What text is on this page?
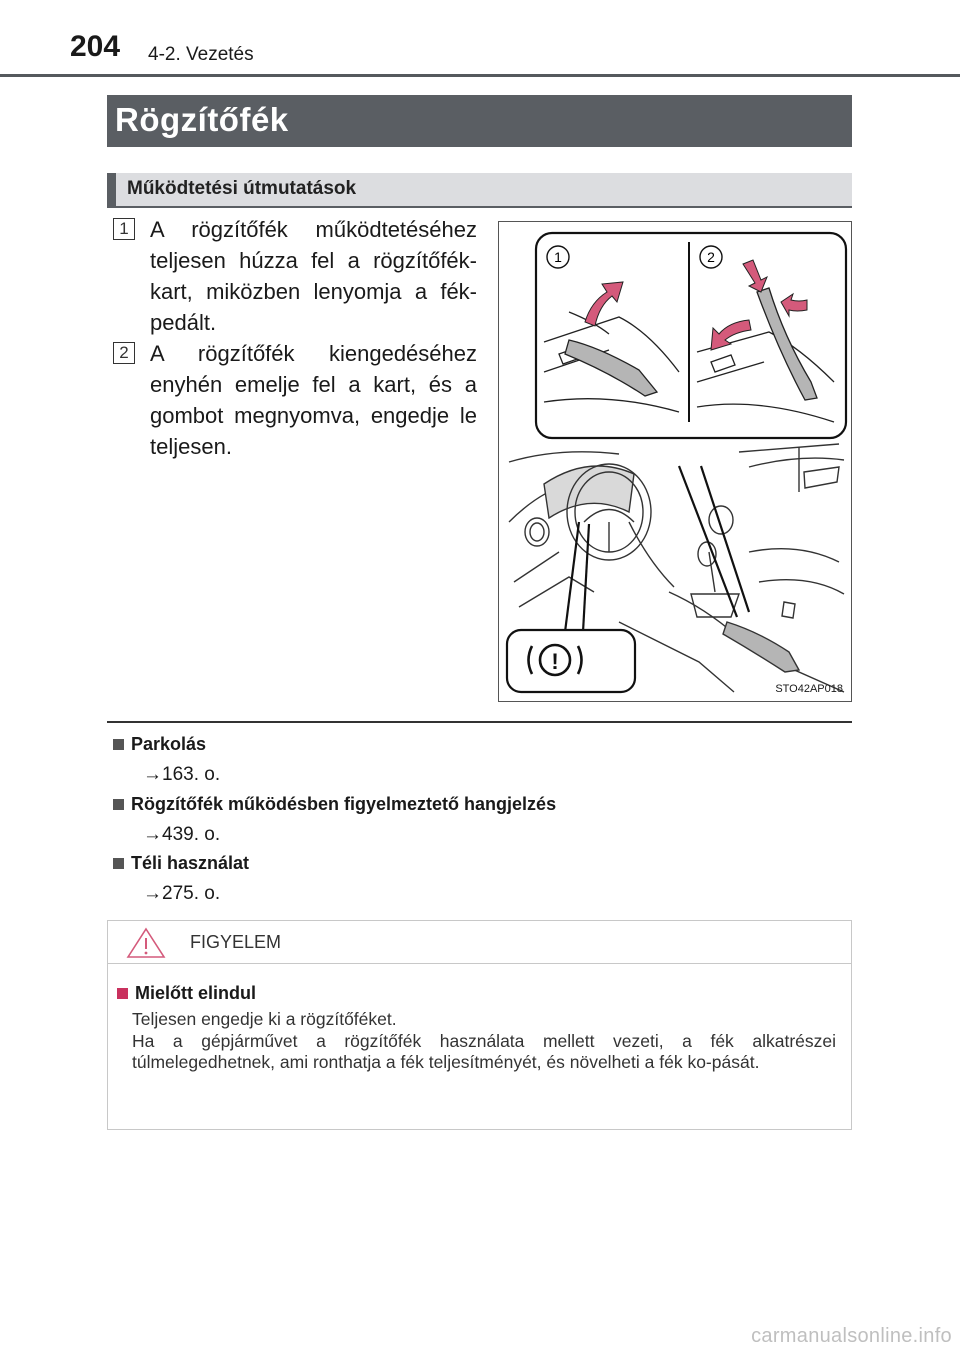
204 4-2. Vezetés
Rögzítőfék
Működtetési útmutatások
1 A rögzítőfék működtetéséhez teljesen húzza fel a rögzítőfék-kart, miközben lenyomja a fék-pedált.
2 A rögzítőfék kiengedéséhez enyhén emelje fel a kart, és a gombot megnyomva, engedje le teljesen.
1	2
!
STO42AP018
Parkolás
→163. o.
Rögzítőfék működésben figyelmeztető hangjelzés
→439. o.
Téli használat
→275. o.
FIGYELEM
Mielőtt elindul

Teljesen engedje ki a rögzítőféket.

Ha a gépjárművet a rögzítőfék használata mellett vezeti, a fék alkatrészei túlmelegedhetnek, ami ronthatja a fék teljesítményét, és növelheti a fék ko-pását.

carmanualsonline.info
